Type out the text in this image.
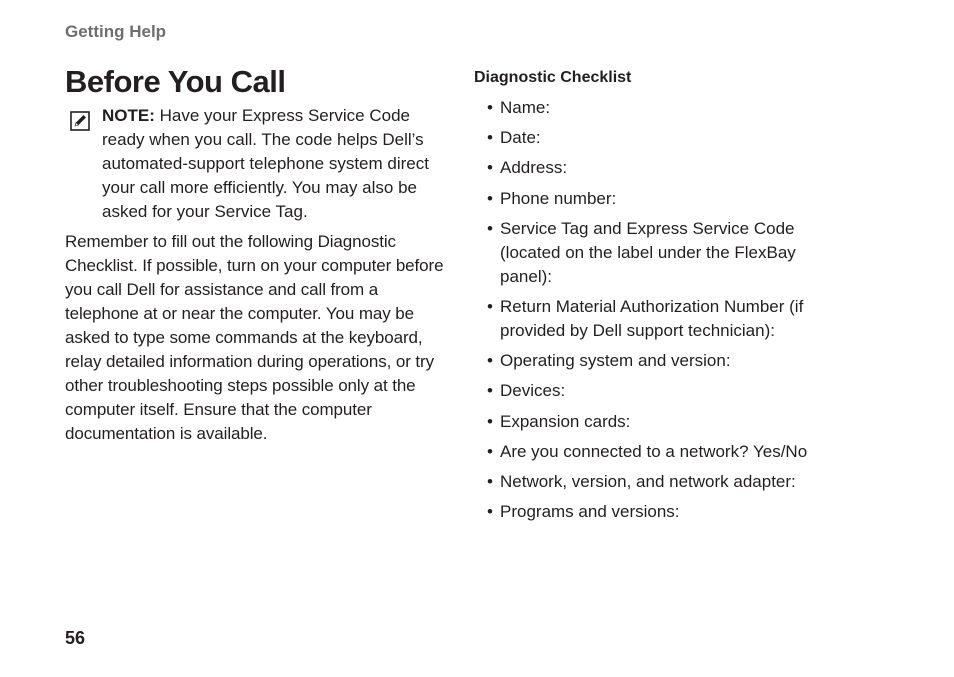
Getting Help
Before You Call
NOTE: Have your Express Service Code ready when you call. The code helps Dell’s automated-support telephone system direct your call more efficiently. You may also be asked for your Service Tag.

Remember to fill out the following Diagnostic Checklist. If possible, turn on your computer before you call Dell for assistance and call from a telephone at or near the computer. You may be asked to type some commands at the keyboard, relay detailed information during operations, or try other troubleshooting steps possible only at the computer itself. Ensure that the computer documentation is available.

Diagnostic Checklist
• Name:
• Date:
• Address:
• Phone number:
• Service Tag and Express Service Code (located on the label under the FlexBay panel):
• Return Material Authorization Number (if provided by Dell support technician):
• Operating system and version:
• Devices:
• Expansion cards:
• Are you connected to a network? Yes/No
• Network, version, and network adapter:
• Programs and versions:
56
